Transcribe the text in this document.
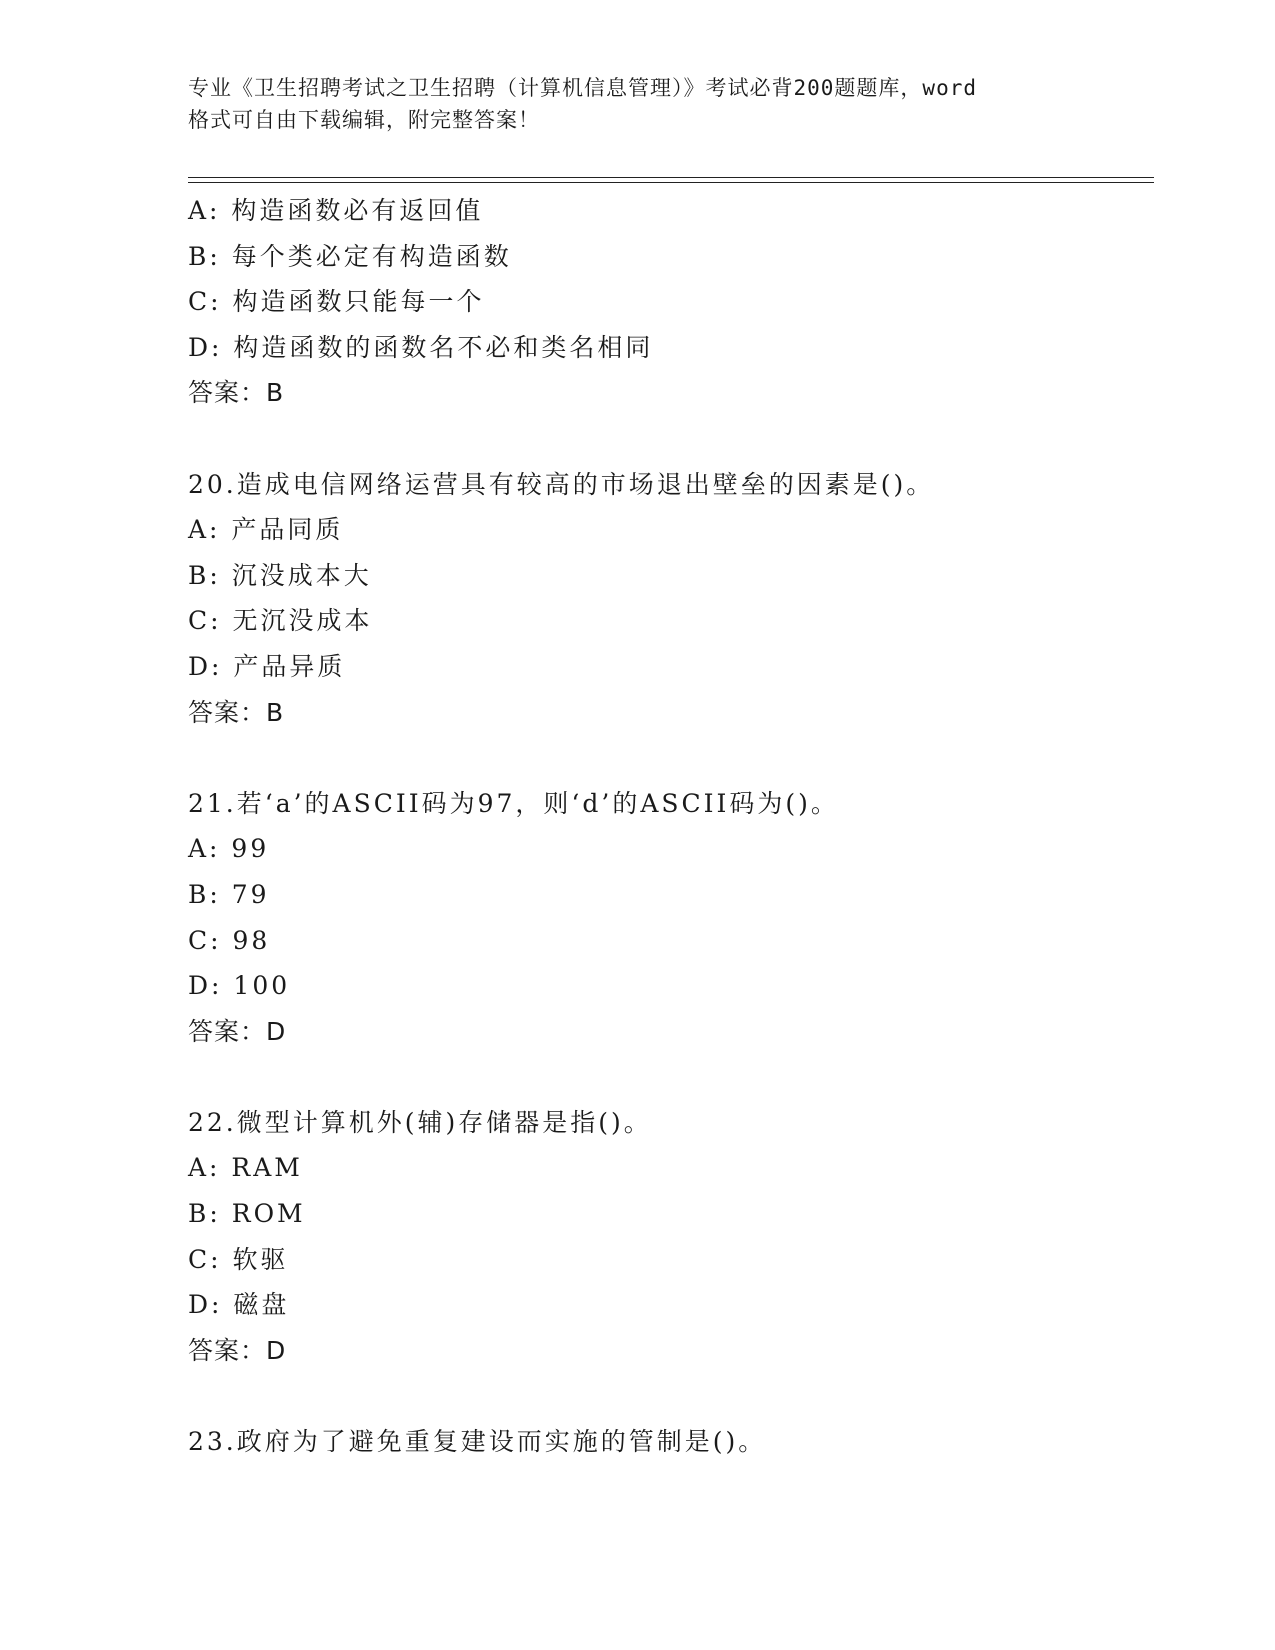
专业《卫生招聘考试之卫生招聘（计算机信息管理）》考试必背200题题库，word
格式可自由下载编辑，附完整答案！
A: 构造函数必有返回值
B: 每个类必定有构造函数
C: 构造函数只能每一个
D: 构造函数的函数名不必和类名相同
答案：B
20.造成电信网络运营具有较高的市场退出壁垒的因素是()。
A: 产品同质
B: 沉没成本大
C: 无沉没成本
D: 产品异质
答案：B
21.若‘a’的ASCII码为97，则‘d’的ASCII码为()。
A: 99
B: 79
C: 98
D: 100
答案：D
22.微型计算机外(辅)存储器是指()。
A: RAM
B: ROM
C: 软驱
D: 磁盘
答案：D
23.政府为了避免重复建设而实施的管制是()。
